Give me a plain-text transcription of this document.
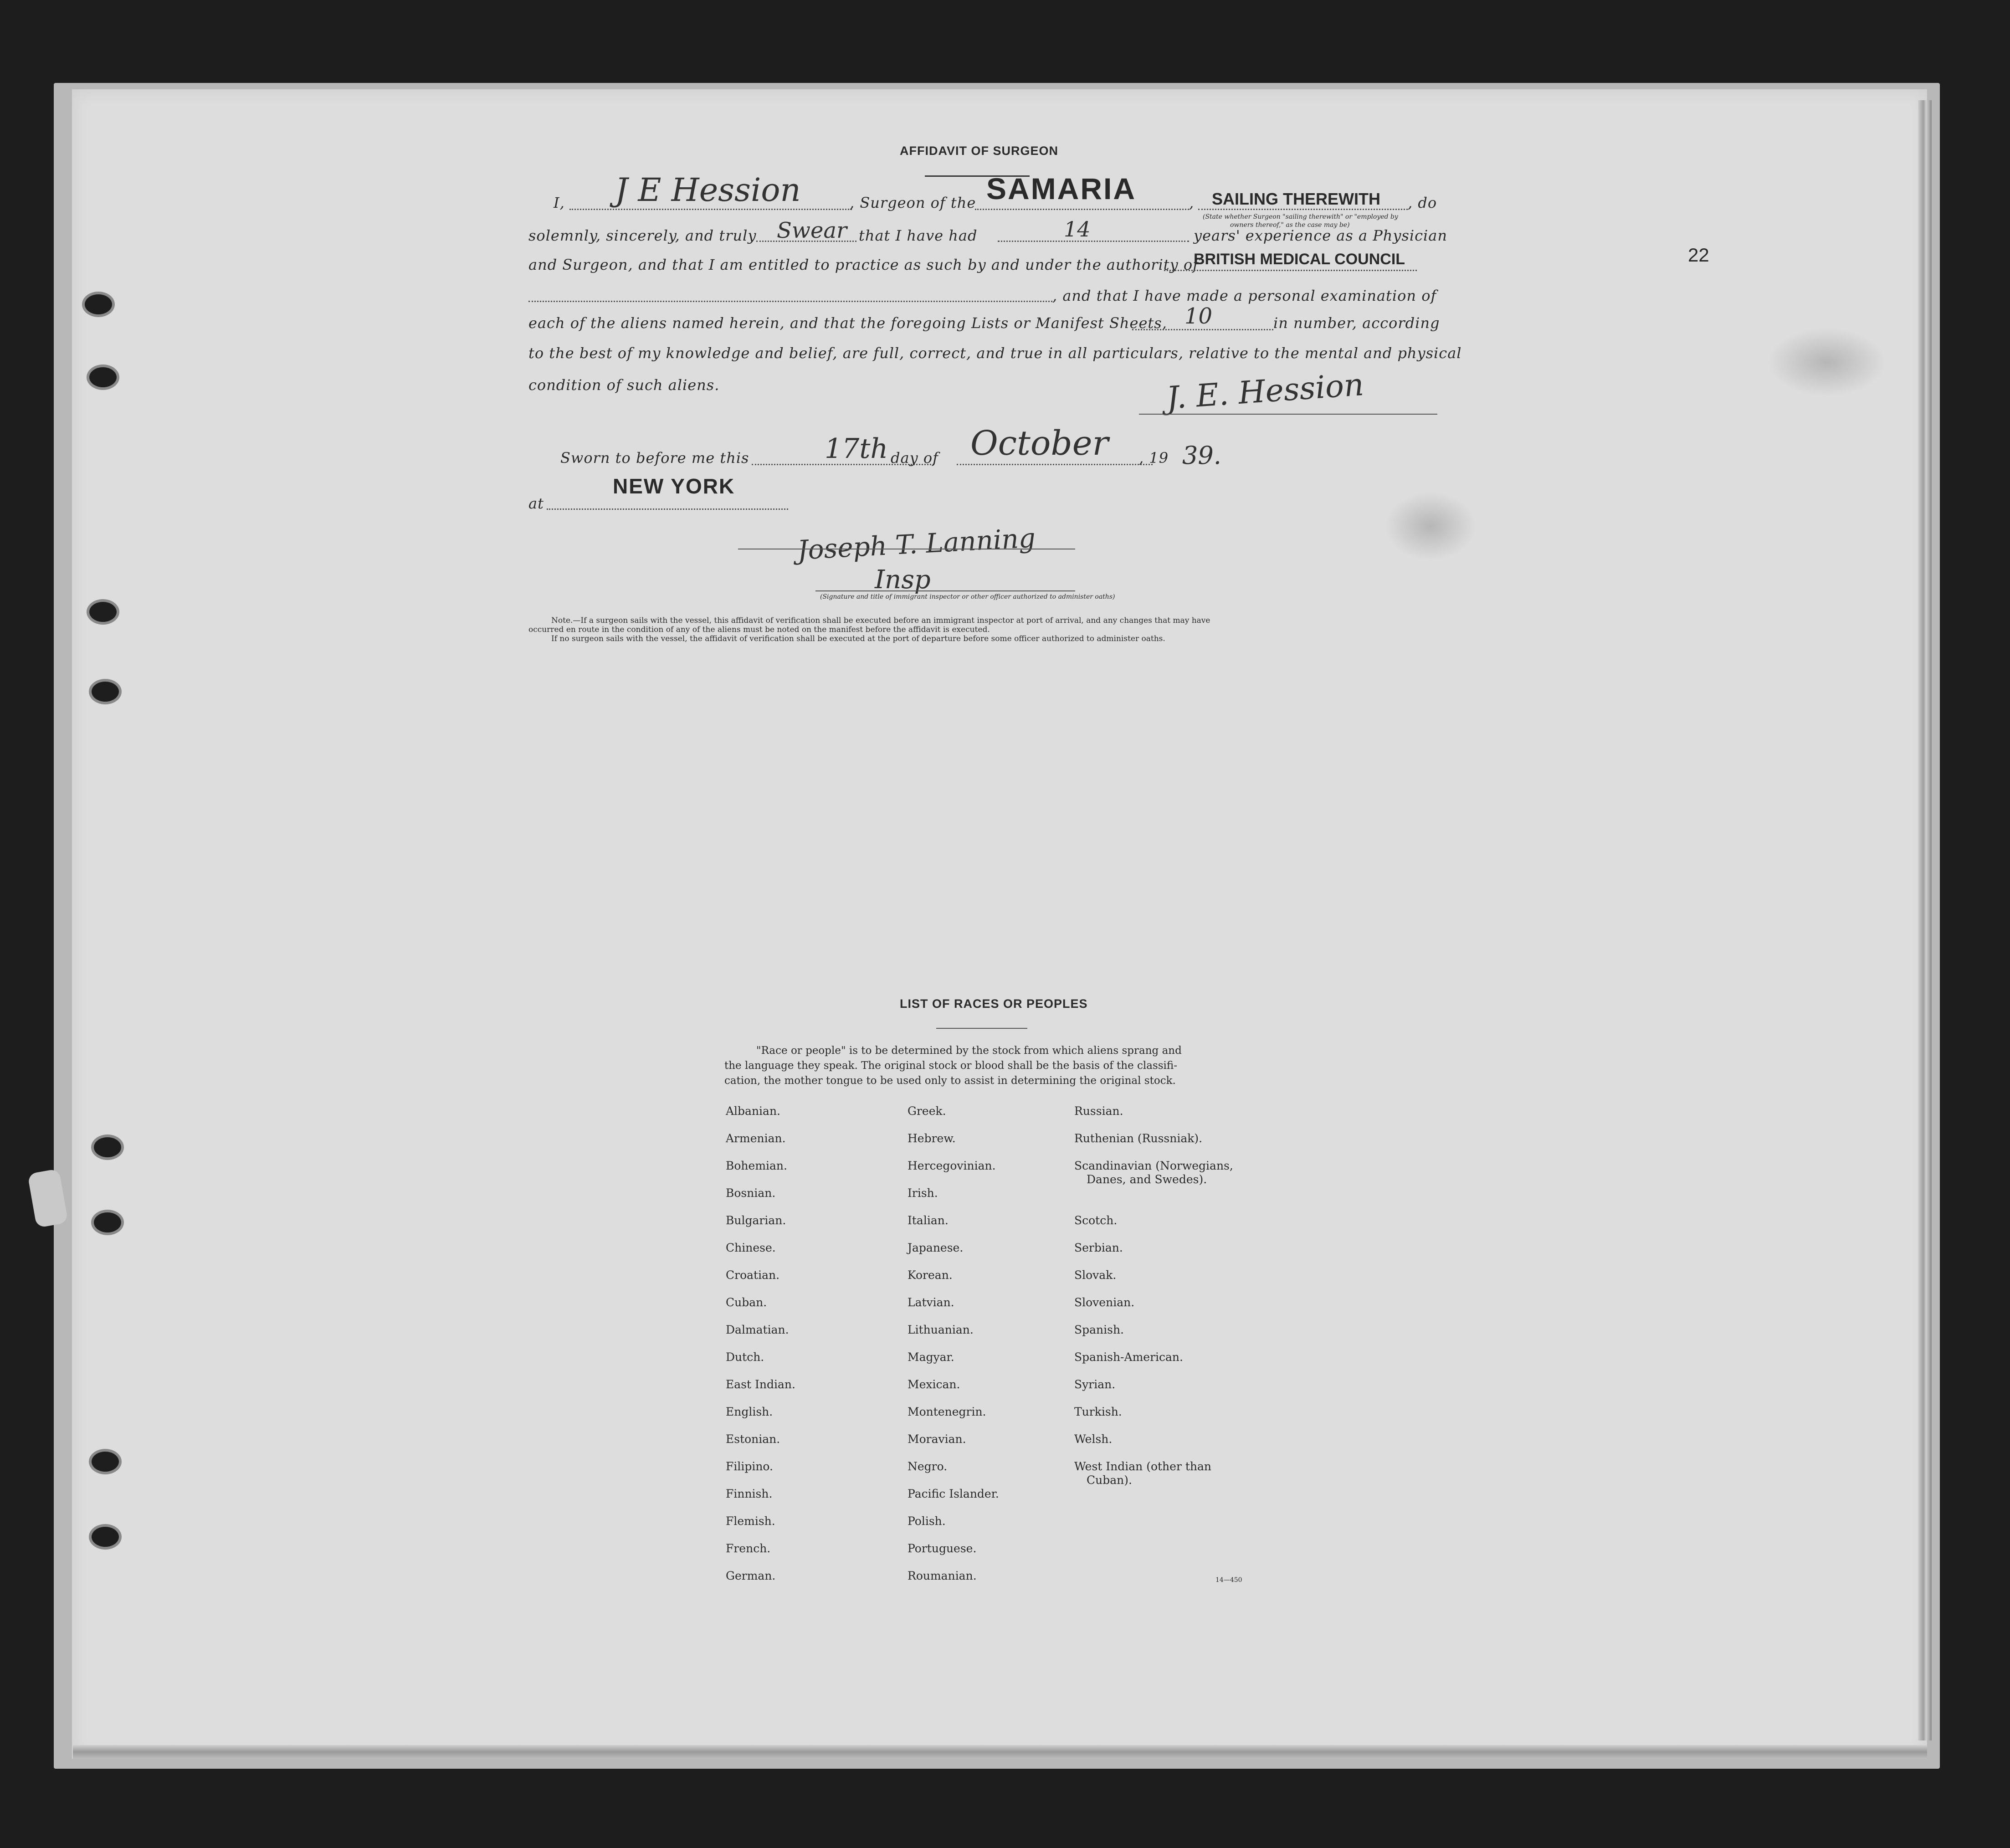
22
AFFIDAVIT OF SURGEON
I, J E Hession	, Surgeon of the SAMARIA	, SAILING THEREWITH
(State whether Surgeon "sailing therewith" or "employed by
owners thereof," as the case may be)
, do
solemnly, sincerely, and truly Swear that I have had	14	years' experience as a Physician
and Surgeon, and that I am entitled to practice as such by and under the authority of
BRITISH MEDICAL COUNCIL
, and that I have made a personal examination of
each of the aliens named herein, and that the foregoing Lists or Manifest Sheets, 10	in number, according
to the best of my knowledge and belief, are full, correct, and true in all particulars, relative to the mental and physical
condition of such aliens.	J. E. Hession
Sworn to before me this	17th day of October , 19 39.
NEW YORK
at
Joseph T. Lanning
Insp
(Signature and title of immigrant inspector or other officer authorized to administer oaths)
Note.—If a surgeon sails with the vessel, this affidavit of verification shall be executed before an immigrant inspector at port of arrival, and any changes that may have
occurred en route in the condition of any of the aliens must be noted on the manifest before the affidavit is executed.
If no surgeon sails with the vessel, the affidavit of verification shall be executed at the port of departure before some officer authorized to administer oaths.
LIST OF RACES OR PEOPLES
"Race or people" is to be determined by the stock from which aliens sprang and
the language they speak. The original stock or blood shall be the basis of the classifi-
cation, the mother tongue to be used only to assist in determining the original stock.
Albanian.
Armenian.
Bohemian.
Bosnian.
Bulgarian.
Chinese.
Croatian.
Cuban.
Dalmatian.
Dutch.
East Indian.
English.
Estonian.
Filipino.
Finnish.
Flemish.
French.
German.
Greek.
Hebrew.
Hercegovinian.
Irish.
Italian.
Japanese.
Korean.
Latvian.
Lithuanian.
Magyar.
Mexican.
Montenegrin.
Moravian.
Negro.
Pacific Islander.
Polish.
Portuguese.
Roumanian.
Russian.
Ruthenian (Russniak).
Scandinavian (Norwegians,
Danes, and Swedes).
Scotch.
Serbian.
Slovak.
Slovenian.
Spanish.
Spanish-American.
Syrian.
Turkish.
Welsh.
West Indian (other than
Cuban).
14—450
